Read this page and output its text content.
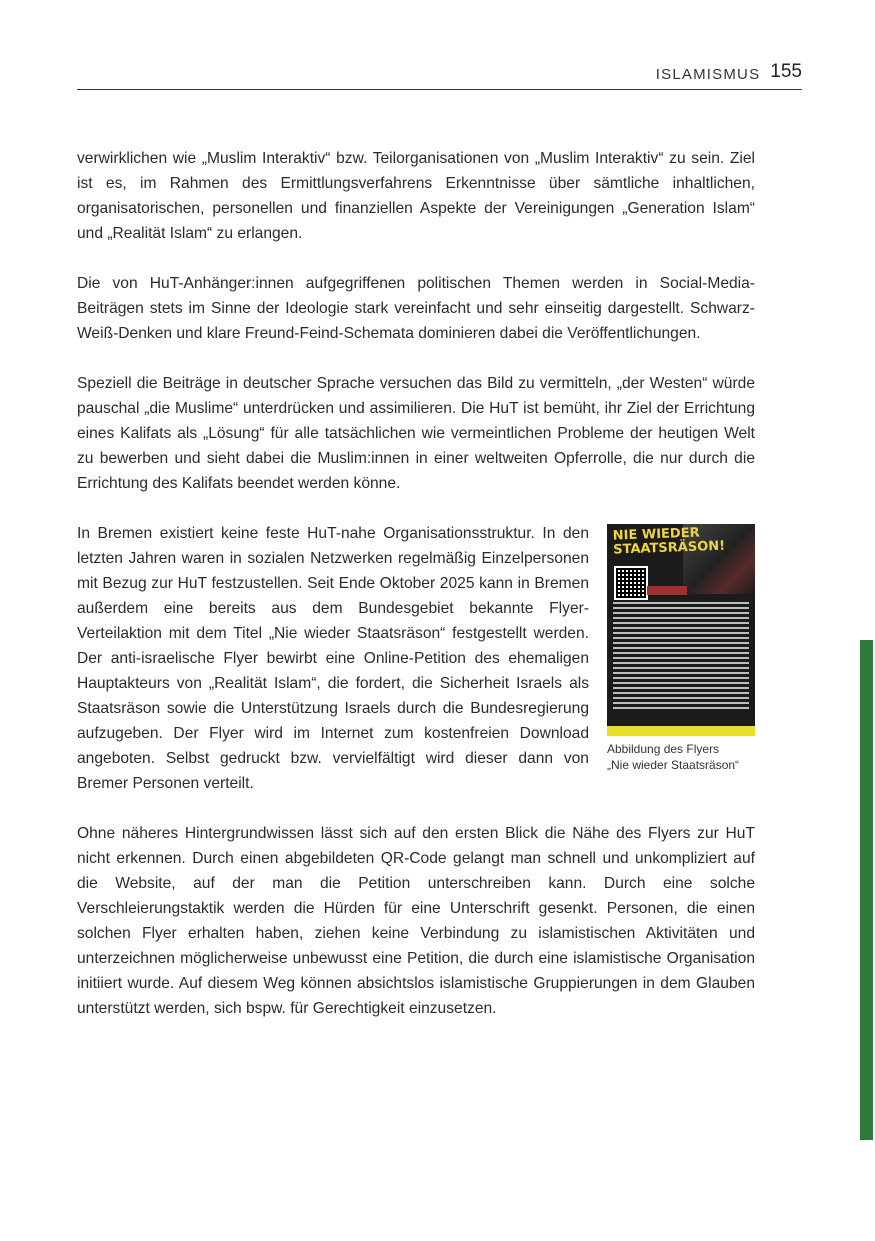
ISLAMISMUS 155

verwirklichen wie „Muslim Interaktiv“ bzw. Teilorganisationen von „Muslim Interaktiv“ zu sein. Ziel ist es, im Rahmen des Ermittlungsverfahrens Erkenntnisse über sämtliche inhaltlichen, organisatorischen, personellen und finanziellen Aspekte der Vereinigungen „Generation Islam“ und „Realität Islam“ zu erlangen.

Die von HuT-Anhänger:innen aufgegriffenen politischen Themen werden in Social-Media-Beiträgen stets im Sinne der Ideologie stark vereinfacht und sehr einseitig dargestellt. Schwarz-Weiß-Denken und klare Freund-Feind-Schemata dominieren dabei die Veröffentlichungen.

Speziell die Beiträge in deutscher Sprache versuchen das Bild zu vermitteln, „der Westen“ würde pauschal „die Muslime“ unterdrücken und assimilieren. Die HuT ist bemüht, ihr Ziel der Errichtung eines Kalifats als „Lösung“ für alle tatsächlichen wie vermeintlichen Probleme der heutigen Welt zu bewerben und sieht dabei die Muslim:innen in einer weltweiten Opferrolle, die nur durch die Errichtung des Kalifats beendet werden könne.

In Bremen existiert keine feste HuT-nahe Organisationsstruktur. In den letzten Jahren waren in sozialen Netzwerken regelmäßig Einzelpersonen mit Bezug zur HuT festzustellen. Seit Ende Oktober 2025 kann in Bremen außerdem eine bereits aus dem Bundesgebiet bekannte Flyer-Verteilaktion mit dem Titel „Nie wieder Staatsräson“ festgestellt werden. Der anti-israelische Flyer bewirbt eine Online-Petition des ehemaligen Hauptakteurs von „Realität Islam“, die fordert, die Sicherheit Israels als Staatsräson sowie die Unterstützung Israels durch die Bundesregierung aufzugeben. Der Flyer wird im Internet zum kostenfreien Download angeboten. Selbst gedruckt bzw. vervielfältigt wird dieser dann von Bremer Personen verteilt.

NIE WIEDER
STAATSRÄSON!
Abbildung des Flyers
„Nie wieder Staatsräson“

Ohne näheres Hintergrundwissen lässt sich auf den ersten Blick die Nähe des Flyers zur HuT nicht erkennen. Durch einen abgebildeten QR-Code gelangt man schnell und unkompliziert auf die Website, auf der man die Petition unterschreiben kann. Durch eine solche Verschleierungstaktik werden die Hürden für eine Unterschrift gesenkt. Personen, die einen solchen Flyer erhalten haben, ziehen keine Verbindung zu islamistischen Aktivitäten und unterzeichnen möglicherweise unbewusst eine Petition, die durch eine islamistische Organisation initiiert wurde. Auf diesem Weg können absichtslos islamistische Gruppierungen in dem Glauben unterstützt werden, sich bspw. für Gerechtigkeit einzusetzen.
